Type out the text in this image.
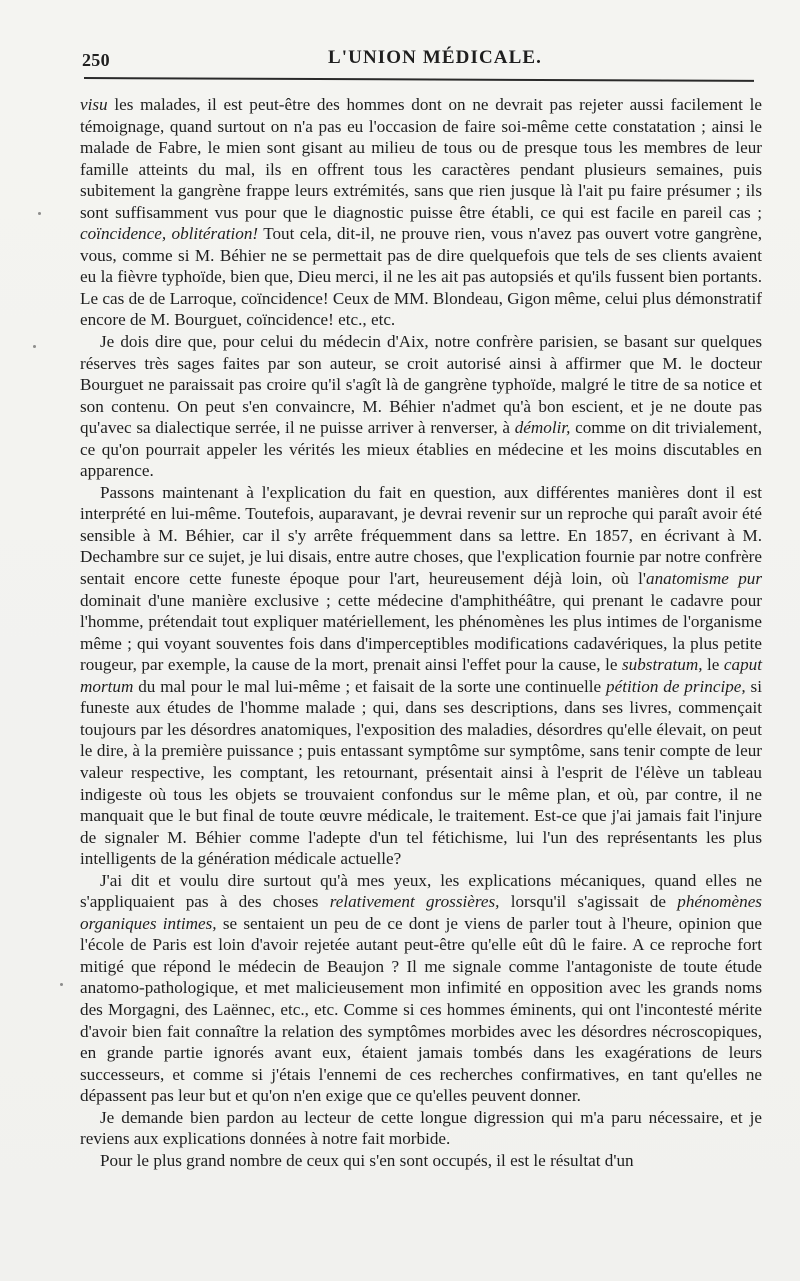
250	L'UNION MÉDICALE.

visu les malades, il est peut-être des hommes dont on ne devrait pas rejeter aussi facilement le témoignage, quand surtout on n'a pas eu l'occasion de faire soi-même cette constatation ; ainsi le malade de Fabre, le mien sont gisant au milieu de tous ou de presque tous les membres de leur famille atteints du mal, ils en offrent tous les caractères pendant plusieurs semaines, puis subitement la gangrène frappe leurs extrémités, sans que rien jusque là l'ait pu faire présumer ; ils sont suffisamment vus pour que le diagnostic puisse être établi, ce qui est facile en pareil cas ; coïncidence, oblitération! Tout cela, dit-il, ne prouve rien, vous n'avez pas ouvert votre gangrène, vous, comme si M. Béhier ne se permettait pas de dire quelquefois que tels de ses clients avaient eu la fièvre typhoïde, bien que, Dieu merci, il ne les ait pas autopsiés et qu'ils fussent bien portants. Le cas de de Larroque, coïncidence! Ceux de MM. Blondeau, Gigon même, celui plus démonstratif encore de M. Bourguet, coïncidence! etc., etc.

Je dois dire que, pour celui du médecin d'Aix, notre confrère parisien, se basant sur quelques réserves très sages faites par son auteur, se croit autorisé ainsi à affirmer que M. le docteur Bourguet ne paraissait pas croire qu'il s'agît là de gangrène typhoïde, malgré le titre de sa notice et son contenu. On peut s'en convaincre, M. Béhier n'admet qu'à bon escient, et je ne doute pas qu'avec sa dialectique serrée, il ne puisse arriver à renverser, à démolir, comme on dit trivialement, ce qu'on pourrait appeler les vérités les mieux établies en médecine et les moins discutables en apparence.

Passons maintenant à l'explication du fait en question, aux différentes manières dont il est interprété en lui-même. Toutefois, auparavant, je devrai revenir sur un reproche qui paraît avoir été sensible à M. Béhier, car il s'y arrête fréquemment dans sa lettre. En 1857, en écrivant à M. Dechambre sur ce sujet, je lui disais, entre autre choses, que l'explication fournie par notre confrère sentait encore cette funeste époque pour l'art, heureusement déjà loin, où l'anatomisme pur dominait d'une manière exclusive ; cette médecine d'amphithéâtre, qui prenant le cadavre pour l'homme, prétendait tout expliquer matériellement, les phénomènes les plus intimes de l'organisme même ; qui voyant souventes fois dans d'imperceptibles modifications cadavériques, la plus petite rougeur, par exemple, la cause de la mort, prenait ainsi l'effet pour la cause, le substratum, le caput mortum du mal pour le mal lui-même ; et faisait de la sorte une continuelle pétition de principe, si funeste aux études de l'homme malade ; qui, dans ses descriptions, dans ses livres, commençait toujours par les désordres anatomiques, l'exposition des maladies, désordres qu'elle élevait, on peut le dire, à la première puissance ; puis entassant symptôme sur symptôme, sans tenir compte de leur valeur respective, les comptant, les retournant, présentait ainsi à l'esprit de l'élève un tableau indigeste où tous les objets se trouvaient confondus sur le même plan, et où, par contre, il ne manquait que le but final de toute œuvre médicale, le traitement. Est-ce que j'ai jamais fait l'injure de signaler M. Béhier comme l'adepte d'un tel fétichisme, lui l'un des représentants les plus intelligents de la génération médicale actuelle?

J'ai dit et voulu dire surtout qu'à mes yeux, les explications mécaniques, quand elles ne s'appliquaient pas à des choses relativement grossières, lorsqu'il s'agissait de phénomènes organiques intimes, se sentaient un peu de ce dont je viens de parler tout à l'heure, opinion que l'école de Paris est loin d'avoir rejetée autant peut-être qu'elle eût dû le faire. A ce reproche fort mitigé que répond le médecin de Beaujon ? Il me signale comme l'antagoniste de toute étude anatomo-pathologique, et met malicieusement mon infimité en opposition avec les grands noms des Morgagni, des Laënnec, etc., etc. Comme si ces hommes éminents, qui ont l'incontesté mérite d'avoir bien fait connaître la relation des symptômes morbides avec les désordres nécroscopiques, en grande partie ignorés avant eux, étaient jamais tombés dans les exagérations de leurs successeurs, et comme si j'étais l'ennemi de ces recherches confirmatives, en tant qu'elles ne dépassent pas leur but et qu'on n'en exige que ce qu'elles peuvent donner.

Je demande bien pardon au lecteur de cette longue digression qui m'a paru nécessaire, et je reviens aux explications données à notre fait morbide.

Pour le plus grand nombre de ceux qui s'en sont occupés, il est le résultat d'un
